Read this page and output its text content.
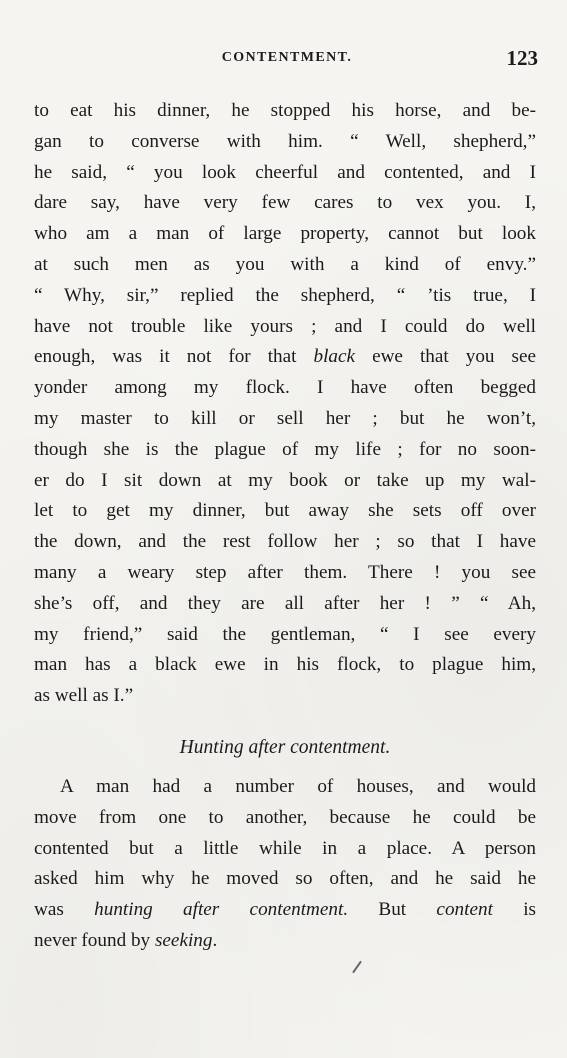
CONTENTMENT.	123
to eat his dinner, he stopped his horse, and be-
gan to converse with him. “ Well, shepherd,”
he said, “ you look cheerful and contented, and I
dare say, have very few cares to vex you. I,
who am a man of large property, cannot but look
at such men as you with a kind of envy.”
“ Why, sir,” replied the shepherd, “ ’tis true, I
have not trouble like yours ; and I could do well
enough, was it not for that black ewe that you see
yonder among my flock. I have often begged
my master to kill or sell her ; but he won’t,
though she is the plague of my life ; for no soon-
er do I sit down at my book or take up my wal-
let to get my dinner, but away she sets off over
the down, and the rest follow her ; so that I have
many a weary step after them. There ! you see
she’s off, and they are all after her ! ” “ Ah,
my friend,” said the gentleman, “ I see every
man has a black ewe in his flock, to plague him,
as well as I.”
Hunting after contentment.
A man had a number of houses, and would
move from one to another, because he could be
contented but a little while in a place. A person
asked him why he moved so often, and he said he
was hunting after contentment. But content is
never found by seeking.
